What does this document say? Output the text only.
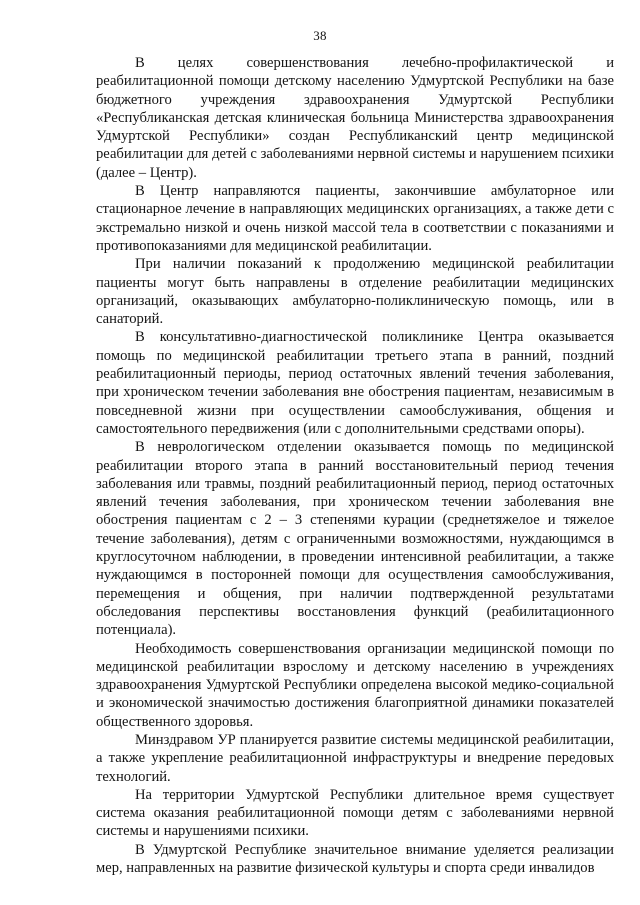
38

В целях совершенствования лечебно-профилактической и реабилитационной помощи детскому населению Удмуртской Республики на базе бюджетного учреждения здравоохранения Удмуртской Республики «Республиканская детская клиническая больница Министерства здравоохранения Удмуртской Республики» создан Республиканский центр медицинской реабилитации для детей с заболеваниями нервной системы и нарушением психики (далее – Центр).

В Центр направляются пациенты, закончившие амбулаторное или стационарное лечение в направляющих медицинских организациях, а также дети с экстремально низкой и очень низкой массой тела в соответствии с показаниями и противопоказаниями для медицинской реабилитации.

При наличии показаний к продолжению медицинской реабилитации пациенты могут быть направлены в отделение реабилитации медицинских организаций, оказывающих амбулаторно-поликлиническую помощь, или в санаторий.

В консультативно-диагностической поликлинике Центра оказывается помощь по медицинской реабилитации третьего этапа в ранний, поздний реабилитационный периоды, период остаточных явлений течения заболевания, при хроническом течении заболевания вне обострения пациентам, независимым в повседневной жизни при осуществлении самообслуживания, общения и самостоятельного передвижения (или с дополнительными средствами опоры).

В неврологическом отделении оказывается помощь по медицинской реабилитации второго этапа в ранний восстановительный период течения заболевания или травмы, поздний реабилитационный период, период остаточных явлений течения заболевания, при хроническом течении заболевания вне обострения пациентам с 2 – 3 степенями курации (среднетяжелое и тяжелое течение заболевания), детям с ограниченными возможностями, нуждающимся в круглосуточном наблюдении, в проведении интенсивной реабилитации, а также нуждающимся в посторонней помощи для осуществления самообслуживания, перемещения и общения, при наличии подтвержденной результатами обследования перспективы восстановления функций (реабилитационного потенциала).

Необходимость совершенствования организации медицинской помощи по медицинской реабилитации взрослому и детскому населению в учреждениях здравоохранения Удмуртской Республики определена высокой медико-социальной и экономической значимостью достижения благоприятной динамики показателей общественного здоровья.

Минздравом УР планируется развитие системы медицинской реабилитации, а также укрепление реабилитационной инфраструктуры и внедрение передовых технологий.

На территории Удмуртской Республики длительное время существует система оказания реабилитационной помощи детям с заболеваниями нервной системы и нарушениями психики.

В Удмуртской Республике значительное внимание уделяется реализации мер, направленных на развитие физической культуры и спорта среди инвалидов
